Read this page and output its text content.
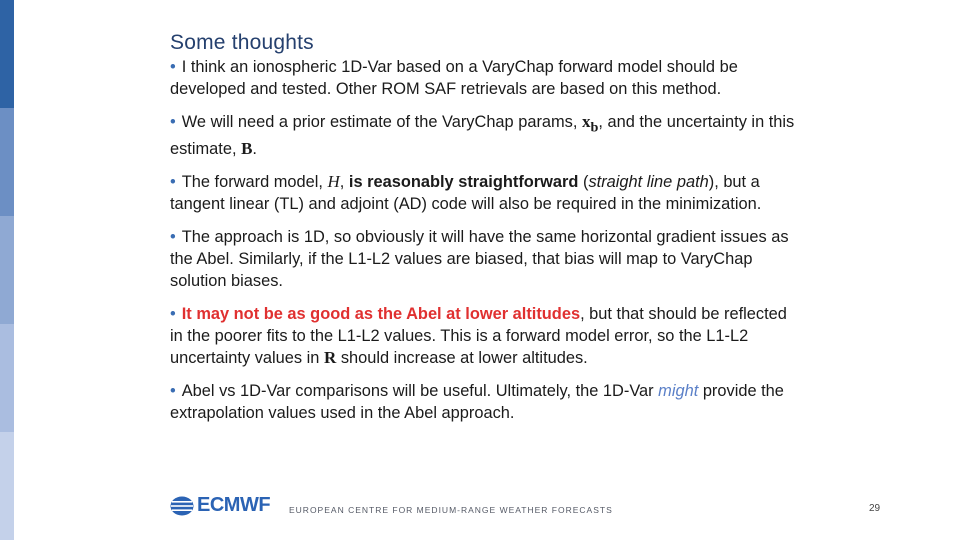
Some thoughts

• I think an ionospheric 1D-Var based on a VaryChap forward model should be developed and tested. Other ROM SAF retrievals are based on this method.

• We will need a prior estimate of the VaryChap params, $x_b$, and the uncertainty in this estimate, B.

• The forward model, H, is reasonably straightforward (straight line path), but a tangent linear (TL) and adjoint (AD) code will also be required in the minimization.

• The approach is 1D, so obviously it will have the same horizontal gradient issues as the Abel. Similarly, if the L1-L2 values are biased, that bias will map to VaryChap solution biases.

• It may not be as good as the Abel at lower altitudes, but that should be reflected in the poorer fits to the L1-L2 values. This is a forward model error, so the L1-L2 uncertainty values in R should increase at lower altitudes.

• Abel vs 1D-Var comparisons will be useful. Ultimately, the 1D-Var might provide the extrapolation values used in the Abel approach.

ECMWF EUROPEAN CENTRE FOR MEDIUM-RANGE WEATHER FORECASTS	29
